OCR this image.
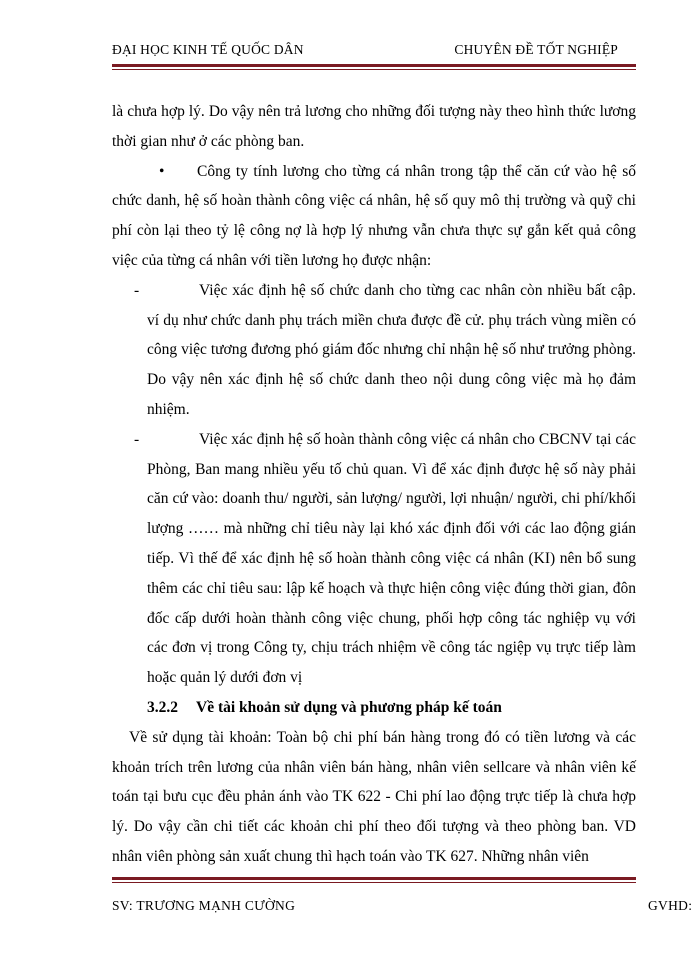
ĐẠI HỌC KINH TẾ QUỐC DÂN	CHUYÊN ĐỀ TỐT NGHIỆP

là chưa hợp lý. Do vậy nên trả lương cho những đối tượng này theo hình thức lương thời gian như ở các phòng ban.

•	Công ty tính lương cho từng cá nhân trong tập thể căn cứ vào hệ số chức danh, hệ số hoàn thành công việc cá nhân, hệ số quy mô thị trường và quỹ chi phí còn lại theo tỷ lệ công nợ là hợp lý nhưng vẫn chưa thực sự gắn kết quả công việc của từng cá nhân với tiền lương họ được nhận:

-	Việc xác định hệ số chức danh cho từng cac nhân còn nhiều bất cập. ví dụ như chức danh phụ trách miền chưa được đề cử. phụ trách vùng miền có công việc tương đương phó giám đốc nhưng chỉ nhận hệ số như trưởng phòng. Do vậy nên xác định hệ số chức danh theo nội dung công việc mà họ đảm nhiệm.
-	Việc xác định hệ số hoàn thành công việc cá nhân cho CBCNV tại các Phòng, Ban mang nhiều yếu tố chủ quan. Vì để xác định được hệ số này phải căn cứ vào: doanh thu/ người, sản lượng/ người, lợi nhuận/ người, chi phí/khối lượng …… mà những chỉ tiêu này lại khó xác định đối với các lao động gián tiếp. Vì thế để xác định hệ số hoàn thành công việc cá nhân (KI) nên bổ sung thêm các chỉ tiêu sau: lập kế hoạch và thực hiện công việc đúng thời gian, đôn đốc cấp dưới hoàn thành công việc chung, phối hợp công tác nghiệp vụ với các đơn vị trong Công ty, chịu trách nhiệm về công tác ngiệp vụ trực tiếp làm hoặc quản lý dưới đơn vị
3.2.2 Về tài khoản sử dụng và phương pháp kế toán

Về sử dụng tài khoản: Toàn bộ chi phí bán hàng trong đó có tiền lương và các khoản trích trên lương của nhân viên bán hàng, nhân viên sellcare và nhân viên kế toán tại bưu cục đều phản ánh vào TK 622 - Chi phí lao động trực tiếp là chưa hợp lý. Do vậy cần chi tiết các khoản chi phí theo đối tượng và theo phòng ban. VD nhân viên phòng sản xuất chung thì hạch toán vào TK 627. Những nhân viên

SV: TRƯƠNG MẠNH CƯỜNG	GVHD:
